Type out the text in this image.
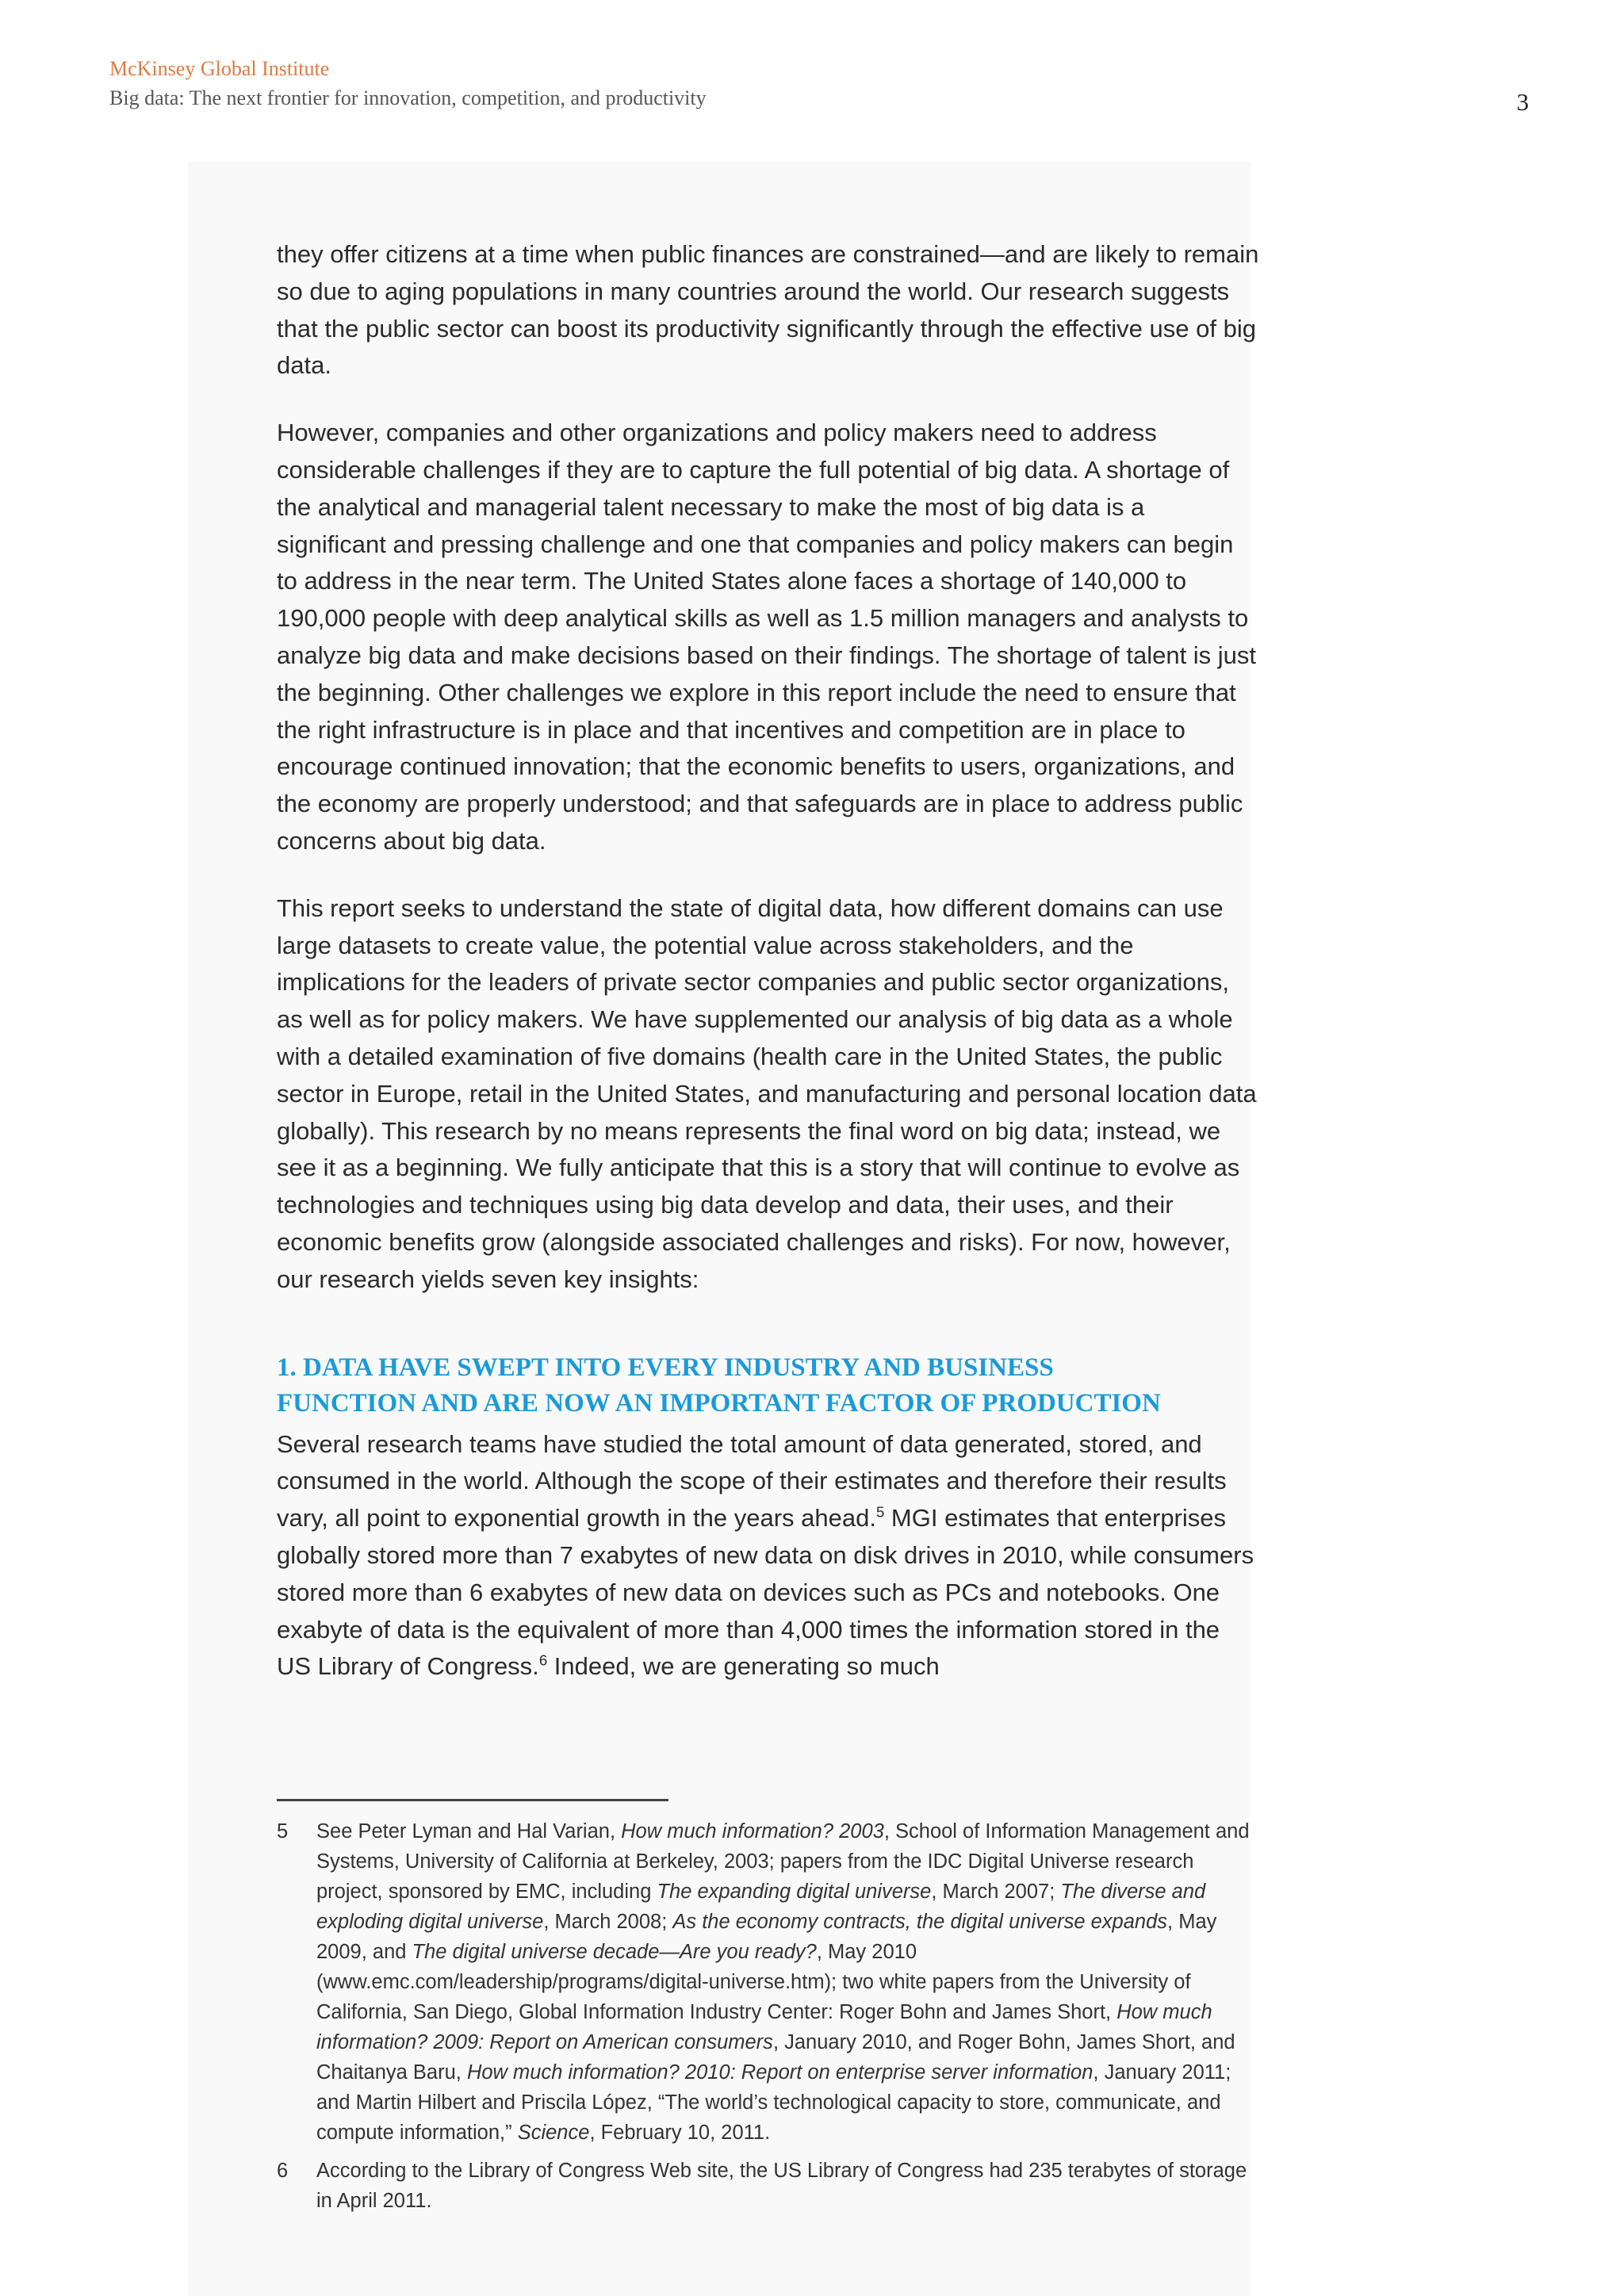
McKinsey Global Institute
Big data: The next frontier for innovation, competition, and productivity	3

they offer citizens at a time when public finances are constrained—and are likely to remain so due to aging populations in many countries around the world. Our research suggests that the public sector can boost its productivity significantly through the effective use of big data.

However, companies and other organizations and policy makers need to address considerable challenges if they are to capture the full potential of big data. A shortage of the analytical and managerial talent necessary to make the most of big data is a significant and pressing challenge and one that companies and policy makers can begin to address in the near term. The United States alone faces a shortage of 140,000 to 190,000 people with deep analytical skills as well as 1.5 million managers and analysts to analyze big data and make decisions based on their findings. The shortage of talent is just the beginning. Other challenges we explore in this report include the need to ensure that the right infrastructure is in place and that incentives and competition are in place to encourage continued innovation; that the economic benefits to users, organizations, and the economy are properly understood; and that safeguards are in place to address public concerns about big data.

This report seeks to understand the state of digital data, how different domains can use large datasets to create value, the potential value across stakeholders, and the implications for the leaders of private sector companies and public sector organizations, as well as for policy makers. We have supplemented our analysis of big data as a whole with a detailed examination of five domains (health care in the United States, the public sector in Europe, retail in the United States, and manufacturing and personal location data globally). This research by no means represents the final word on big data; instead, we see it as a beginning. We fully anticipate that this is a story that will continue to evolve as technologies and techniques using big data develop and data, their uses, and their economic benefits grow (alongside associated challenges and risks). For now, however, our research yields seven key insights:

1. DATA HAVE SWEPT INTO EVERY INDUSTRY AND BUSINESS FUNCTION AND ARE NOW AN IMPORTANT FACTOR OF PRODUCTION

Several research teams have studied the total amount of data generated, stored, and consumed in the world. Although the scope of their estimates and therefore their results vary, all point to exponential growth in the years ahead.$^5$ MGI estimates that enterprises globally stored more than 7 exabytes of new data on disk drives in 2010, while consumers stored more than 6 exabytes of new data on devices such as PCs and notebooks. One exabyte of data is the equivalent of more than 4,000 times the information stored in the US Library of Congress.$^6$ Indeed, we are generating so much

5	See Peter Lyman and Hal Varian, How much information? 2003, School of Information Management and Systems, University of California at Berkeley, 2003; papers from the IDC Digital Universe research project, sponsored by EMC, including The expanding digital universe, March 2007; The diverse and exploding digital universe, March 2008; As the economy contracts, the digital universe expands, May 2009, and The digital universe decade—Are you ready?, May 2010 (www.emc.com/leadership/programs/digital-universe.htm); two white papers from the University of California, San Diego, Global Information Industry Center: Roger Bohn and James Short, How much information? 2009: Report on American consumers, January 2010, and Roger Bohn, James Short, and Chaitanya Baru, How much information? 2010: Report on enterprise server information, January 2011; and Martin Hilbert and Priscila López, “The world’s technological capacity to store, communicate, and compute information,” Science, February 10, 2011.
6	According to the Library of Congress Web site, the US Library of Congress had 235 terabytes of storage in April 2011.
